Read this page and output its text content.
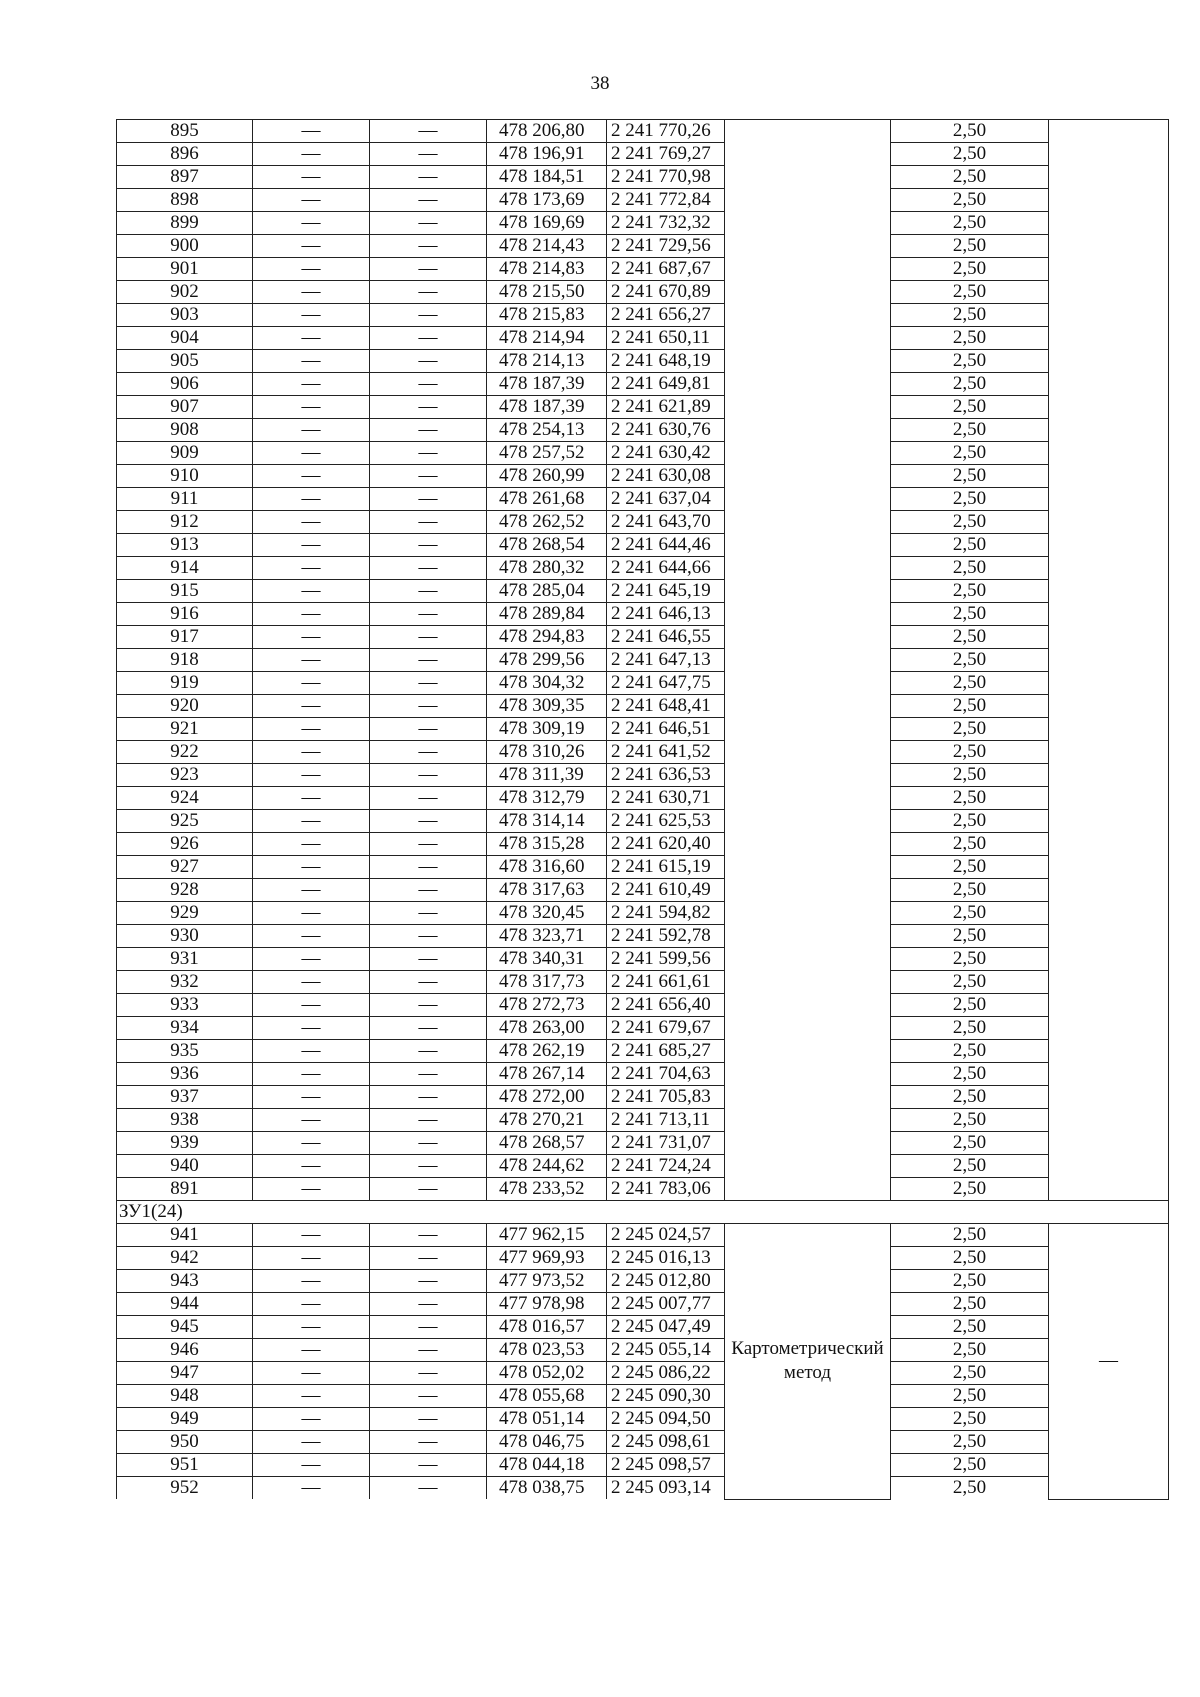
38
895	—	—	478 206,80	2 241 770,26		2,50	
896	—	—	478 196,91	2 241 769,27		2,50	
897	—	—	478 184,51	2 241 770,98		2,50	
898	—	—	478 173,69	2 241 772,84		2,50	
899	—	—	478 169,69	2 241 732,32		2,50	
900	—	—	478 214,43	2 241 729,56		2,50	
901	—	—	478 214,83	2 241 687,67		2,50	
902	—	—	478 215,50	2 241 670,89		2,50	
903	—	—	478 215,83	2 241 656,27		2,50	
904	—	—	478 214,94	2 241 650,11		2,50	
905	—	—	478 214,13	2 241 648,19		2,50	
906	—	—	478 187,39	2 241 649,81		2,50	
907	—	—	478 187,39	2 241 621,89		2,50	
908	—	—	478 254,13	2 241 630,76		2,50	
909	—	—	478 257,52	2 241 630,42		2,50	
910	—	—	478 260,99	2 241 630,08		2,50	
911	—	—	478 261,68	2 241 637,04		2,50	
912	—	—	478 262,52	2 241 643,70		2,50	
913	—	—	478 268,54	2 241 644,46		2,50	
914	—	—	478 280,32	2 241 644,66		2,50	
915	—	—	478 285,04	2 241 645,19		2,50	
916	—	—	478 289,84	2 241 646,13		2,50	
917	—	—	478 294,83	2 241 646,55		2,50	
918	—	—	478 299,56	2 241 647,13		2,50	
919	—	—	478 304,32	2 241 647,75		2,50	
920	—	—	478 309,35	2 241 648,41		2,50	
921	—	—	478 309,19	2 241 646,51		2,50	
922	—	—	478 310,26	2 241 641,52		2,50	
923	—	—	478 311,39	2 241 636,53		2,50	
924	—	—	478 312,79	2 241 630,71		2,50	
925	—	—	478 314,14	2 241 625,53		2,50	
926	—	—	478 315,28	2 241 620,40		2,50	
927	—	—	478 316,60	2 241 615,19		2,50	
928	—	—	478 317,63	2 241 610,49		2,50	
929	—	—	478 320,45	2 241 594,82		2,50	
930	—	—	478 323,71	2 241 592,78		2,50	
931	—	—	478 340,31	2 241 599,56		2,50	
932	—	—	478 317,73	2 241 661,61		2,50	
933	—	—	478 272,73	2 241 656,40		2,50	
934	—	—	478 263,00	2 241 679,67		2,50	
935	—	—	478 262,19	2 241 685,27		2,50	
936	—	—	478 267,14	2 241 704,63		2,50	
937	—	—	478 272,00	2 241 705,83		2,50	
938	—	—	478 270,21	2 241 713,11		2,50	
939	—	—	478 268,57	2 241 731,07		2,50	
940	—	—	478 244,62	2 241 724,24		2,50	
891	—	—	478 233,52	2 241 783,06		2,50	
ЗУ1(24)							
941	—	—	477 962,15	2 245 024,57	Картометрический метод	2,50	—
942	—	—	477 969,93	2 245 016,13		2,50	
943	—	—	477 973,52	2 245 012,80		2,50	
944	—	—	477 978,98	2 245 007,77		2,50	
945	—	—	478 016,57	2 245 047,49		2,50	
946	—	—	478 023,53	2 245 055,14		2,50	
947	—	—	478 052,02	2 245 086,22		2,50	
948	—	—	478 055,68	2 245 090,30		2,50	
949	—	—	478 051,14	2 245 094,50		2,50	
950	—	—	478 046,75	2 245 098,61		2,50	
951	—	—	478 044,18	2 245 098,57		2,50	
952	—	—	478 038,75	2 245 093,14		2,50	
